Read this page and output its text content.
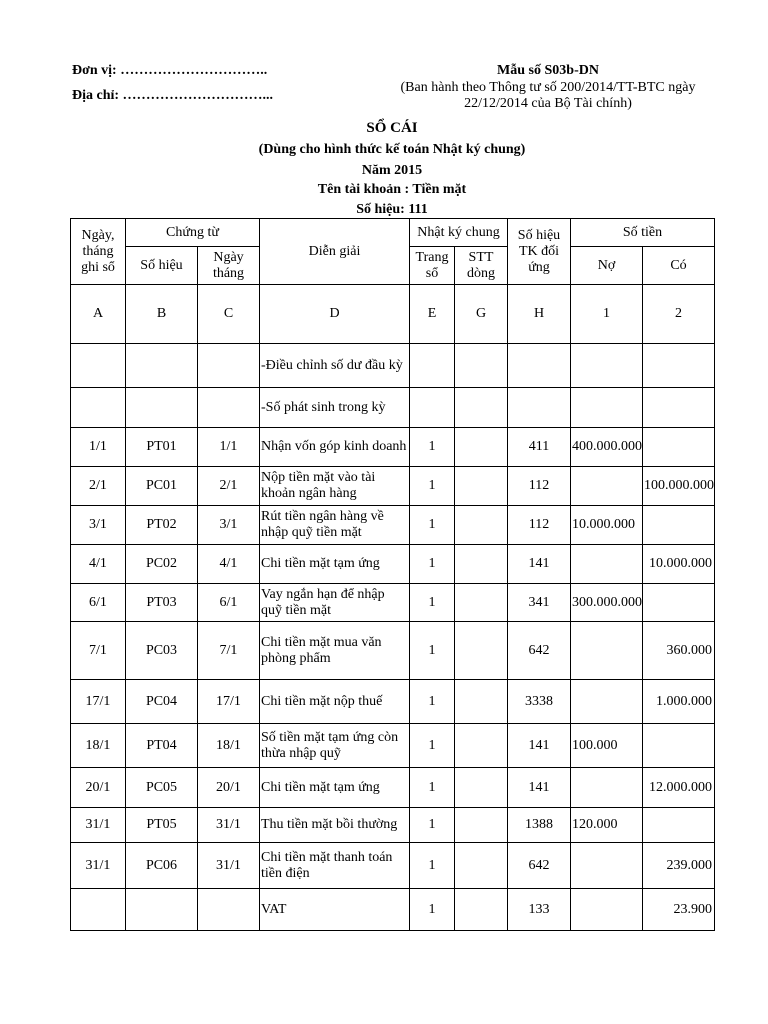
Đơn vị: …………………………..
Địa chỉ: …………………………...
Mẫu số S03b-DN
(Ban hành theo Thông tư số 200/2014/TT-BTC ngày
22/12/2014 của Bộ Tài chính)
SỔ CÁI
(Dùng cho hình thức kế toán Nhật ký chung)
Năm 2015
Tên tài khoản : Tiền mặt
Số hiệu: 111
Ngày, tháng ghi sổ	Chứng từ		Diễn giải	Nhật ký chung		Số hiệu TK đối ứng	Số tiền	
	Số hiệu	Ngày tháng		Trang sổ	STT dòng		Nợ	Có
A	B	C	D	E	G	H	1	2
			-Điều chỉnh số dư đầu kỳ					
			-Số phát sinh trong kỳ					
1/1	PT01	1/1	Nhận vốn góp kinh doanh	1		411	400.000.000	
2/1	PC01	2/1	Nộp tiền mặt vào tài khoản ngân hàng	1		112		100.000.000
3/1	PT02	3/1	Rút tiền ngân hàng về nhập quỹ tiền mặt	1		112	10.000.000	
4/1	PC02	4/1	Chi tiền mặt tạm ứng	1		141		10.000.000
6/1	PT03	6/1	Vay ngắn hạn để nhập quỹ tiền mặt	1		341	300.000.000	
7/1	PC03	7/1	Chi tiền mặt mua văn phòng phẩm	1		642		360.000
17/1	PC04	17/1	Chi tiền mặt nộp thuế	1		3338		1.000.000
18/1	PT04	18/1	Số tiền mặt tạm ứng còn thừa nhập quỹ	1		141	100.000	
20/1	PC05	20/1	Chi tiền mặt tạm ứng	1		141		12.000.000
31/1	PT05	31/1	Thu tiền mặt bồi thường	1		1388	120.000	
31/1	PC06	31/1	Chi tiền mặt thanh toán tiền điện	1		642		239.000
			VAT	1		133		23.900
